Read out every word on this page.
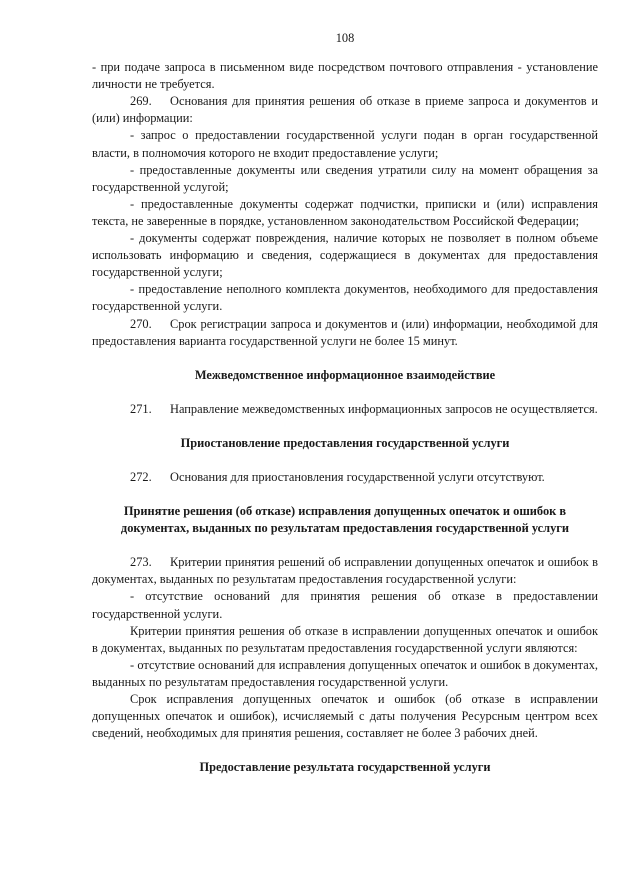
108

- при подаче запроса в письменном виде посредством почтового отправления - установление личности не требуется.

269. Основания для принятия решения об отказе в приеме запроса и документов и (или) информации:

- запрос о предоставлении государственной услуги подан в орган государственной власти, в полномочия которого не входит предоставление услуги;

- предоставленные документы или сведения утратили силу на момент обращения за государственной услугой;

- предоставленные документы содержат подчистки, приписки и (или) исправления текста, не заверенные в порядке, установленном законодательством Российской Федерации;

- документы содержат повреждения, наличие которых не позволяет в полном объеме использовать информацию и сведения, содержащиеся в документах для предоставления государственной услуги;

- предоставление неполного комплекта документов, необходимого для предоставления государственной услуги.

270. Срок регистрации запроса и документов и (или) информации, необходимой для предоставления варианта государственной услуги не более 15 минут.

Межведомственное информационное взаимодействие

271. Направление межведомственных информационных запросов не осуществляется.

Приостановление предоставления государственной услуги

272. Основания для приостановления государственной услуги отсутствуют.

Принятие решения (об отказе) исправления допущенных опечаток и ошибок в документах, выданных по результатам предоставления государственной услуги

273. Критерии принятия решений об исправлении допущенных опечаток и ошибок в документах, выданных по результатам предоставления государственной услуги:

- отсутствие оснований для принятия решения об отказе в предоставлении государственной услуги.

Критерии принятия решения об отказе в исправлении допущенных опечаток и ошибок в документах, выданных по результатам предоставления государственной услуги являются:

- отсутствие оснований для исправления допущенных опечаток и ошибок в документах, выданных по результатам предоставления государственной услуги.

Срок исправления допущенных опечаток и ошибок (об отказе в исправлении допущенных опечаток и ошибок), исчисляемый с даты получения Ресурсным центром всех сведений, необходимых для принятия решения, составляет не более 3 рабочих дней.

Предоставление результата государственной услуги
